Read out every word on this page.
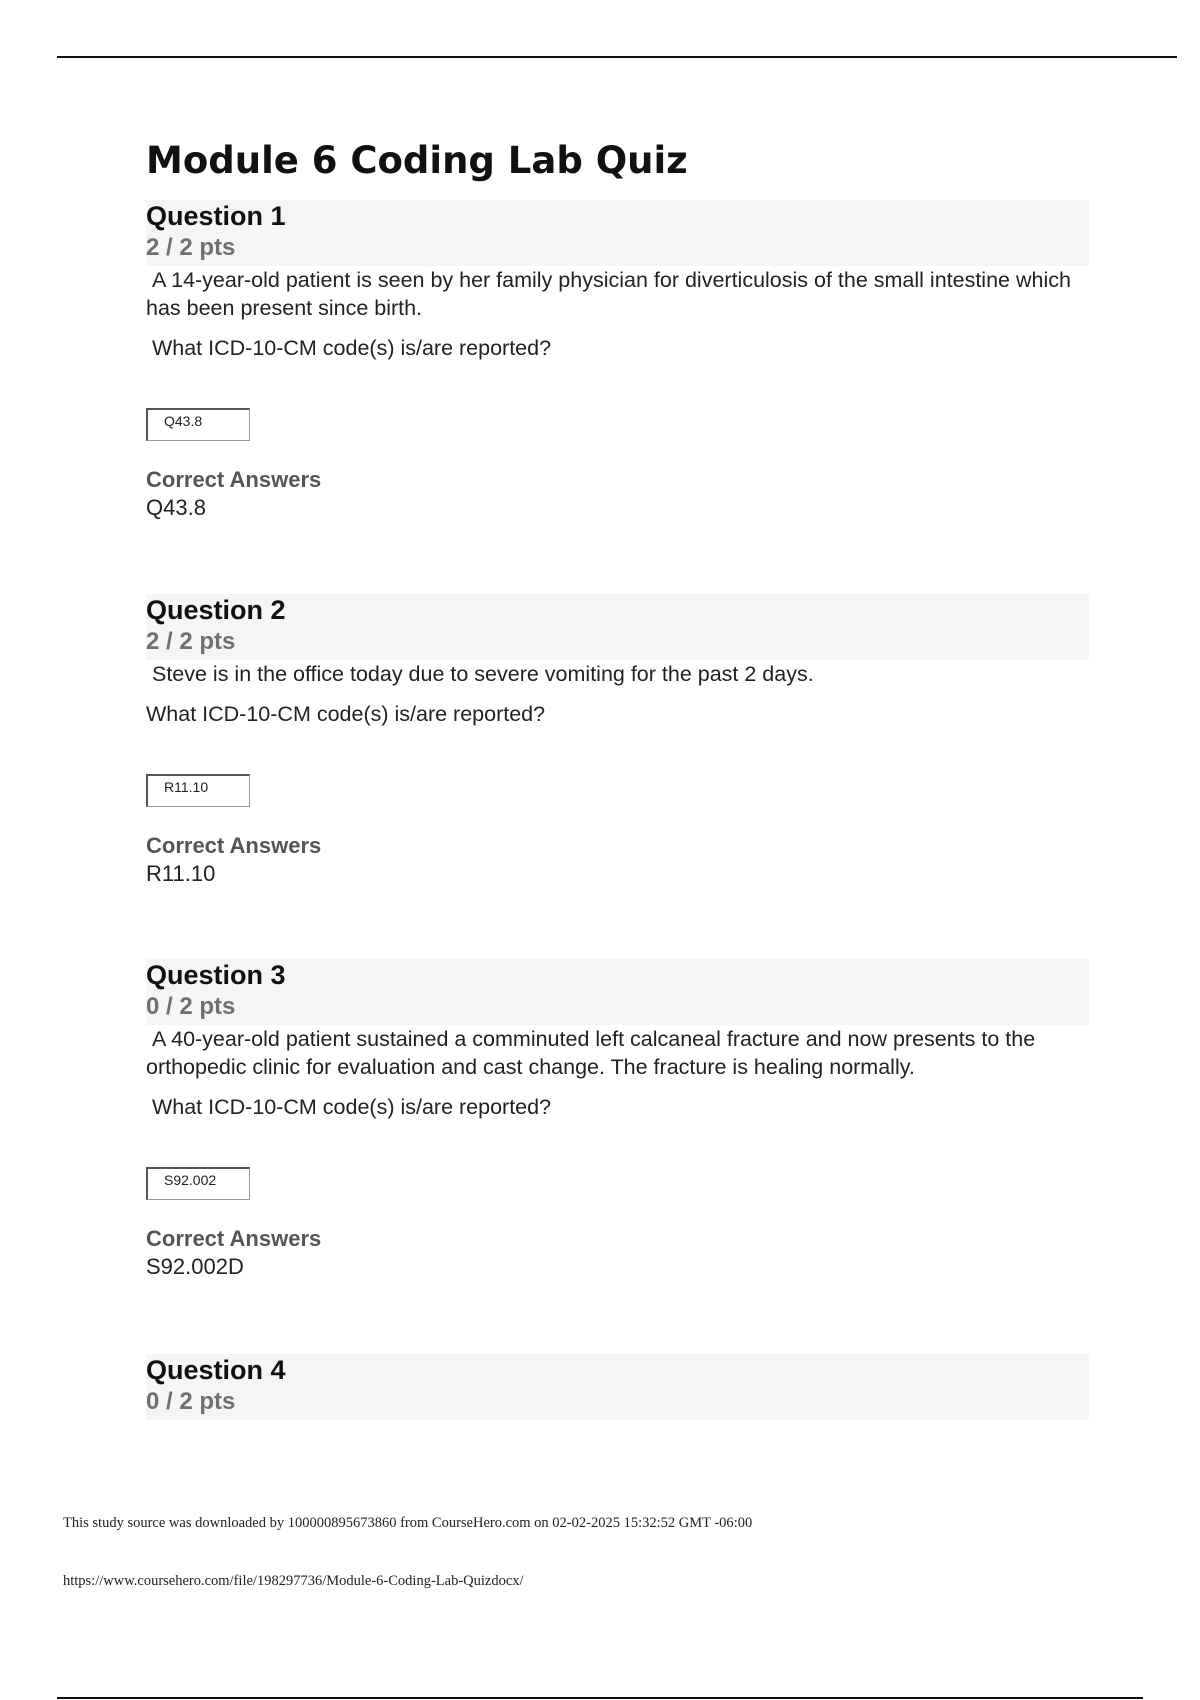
Module 6 Coding Lab Quiz
Question 1
2 / 2 pts

A 14-year-old patient is seen by her family physician for diverticulosis of the small intestine which has been present since birth.

What ICD-10-CM code(s) is/are reported?

Q43.8

Correct Answers

Q43.8

Question 2
2 / 2 pts

Steve is in the office today due to severe vomiting for the past 2 days.

What ICD-10-CM code(s) is/are reported?

R11.10

Correct Answers

R11.10

Question 3
0 / 2 pts

A 40-year-old patient sustained a comminuted left calcaneal fracture and now presents to the orthopedic clinic for evaluation and cast change. The fracture is healing normally.

What ICD-10-CM code(s) is/are reported?

S92.002

Correct Answers

S92.002D

Question 4
0 / 2 pts
This study source was downloaded by 100000895673860 from CourseHero.com on 02-02-2025 15:32:52 GMT -06:00
https://www.coursehero.com/file/198297736/Module-6-Coding-Lab-Quizdocx/
